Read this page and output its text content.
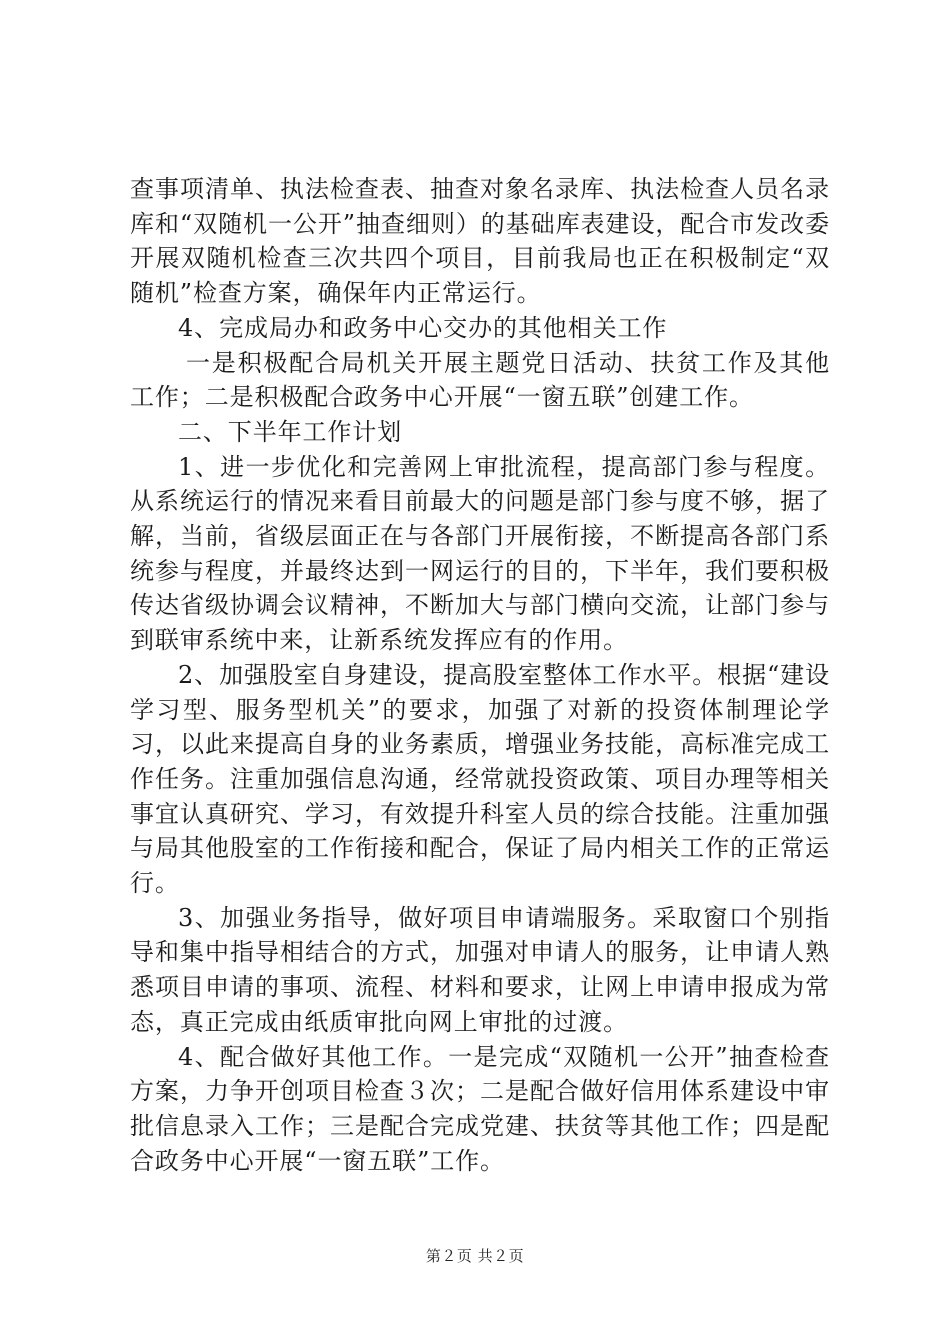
查事项清单、执法检查表、抽查对象名录库、执法检查人员名录库和“双随机一公开”抽查细则）的基础库表建设，配合市发改委开展双随机检查三次共四个项目，目前我局也正在积极制定“双随机”检查方案，确保年内正常运行。

4、完成局办和政务中心交办的其他相关工作

一是积极配合局机关开展主题党日活动、扶贫工作及其他工作；二是积极配合政务中心开展“一窗五联”创建工作。

二、下半年工作计划

1、进一步优化和完善网上审批流程，提高部门参与程度。从系统运行的情况来看目前最大的问题是部门参与度不够，据了解，当前，省级层面正在与各部门开展衔接，不断提高各部门系统参与程度，并最终达到一网运行的目的，下半年，我们要积极传达省级协调会议精神，不断加大与部门横向交流，让部门参与到联审系统中来，让新系统发挥应有的作用。

2、加强股室自身建设，提高股室整体工作水平。根据“建设学习型、服务型机关”的要求，加强了对新的投资体制理论学习，以此来提高自身的业务素质，增强业务技能，高标准完成工作任务。注重加强信息沟通，经常就投资政策、项目办理等相关事宜认真研究、学习，有效提升科室人员的综合技能。注重加强与局其他股室的工作衔接和配合，保证了局内相关工作的正常运行。

3、加强业务指导，做好项目申请端服务。采取窗口个别指导和集中指导相结合的方式，加强对申请人的服务，让申请人熟悉项目申请的事项、流程、材料和要求，让网上申请申报成为常态，真正完成由纸质审批向网上审批的过渡。

4、配合做好其他工作。一是完成“双随机一公开”抽查检查方案，力争开创项目检查３次；二是配合做好信用体系建设中审批信息录入工作；三是配合完成党建、扶贫等其他工作；四是配合政务中心开展“一窗五联”工作。

第２页 共２页
